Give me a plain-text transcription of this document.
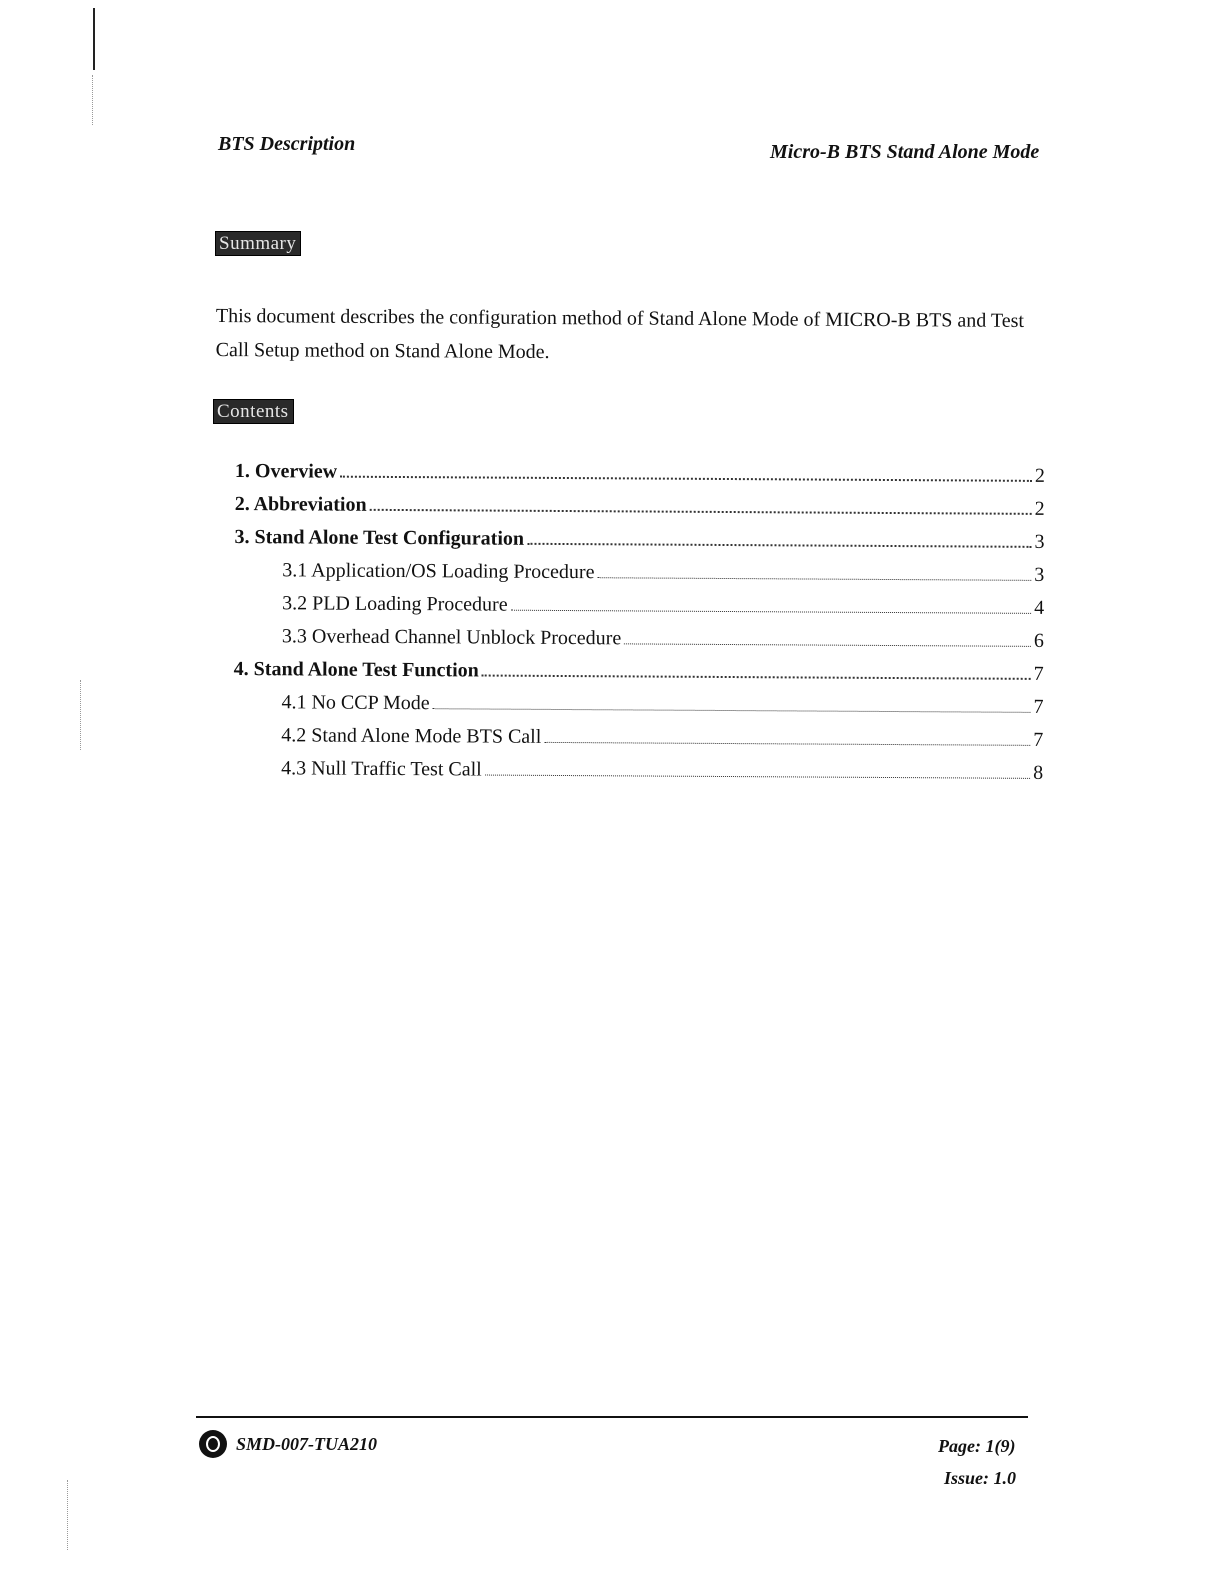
BTS Description	Micro-B BTS Stand Alone Mode
Summary
This document describes the configuration method of Stand Alone Mode of MICRO-B BTS and Test Call Setup method on Stand Alone Mode.
Contents
1. Overview	2
2. Abbreviation	2
3. Stand Alone Test Configuration	3
3.1 Application/OS Loading Procedure	3
3.2 PLD Loading Procedure	4
3.3 Overhead Channel Unblock Procedure	6
4. Stand Alone Test Function	7
4.1 No CCP Mode	7
4.2 Stand Alone Mode BTS Call	7
4.3 Null Traffic Test Call	8
SMD-007-TUA210	Page: 1(9)
Issue: 1.0
